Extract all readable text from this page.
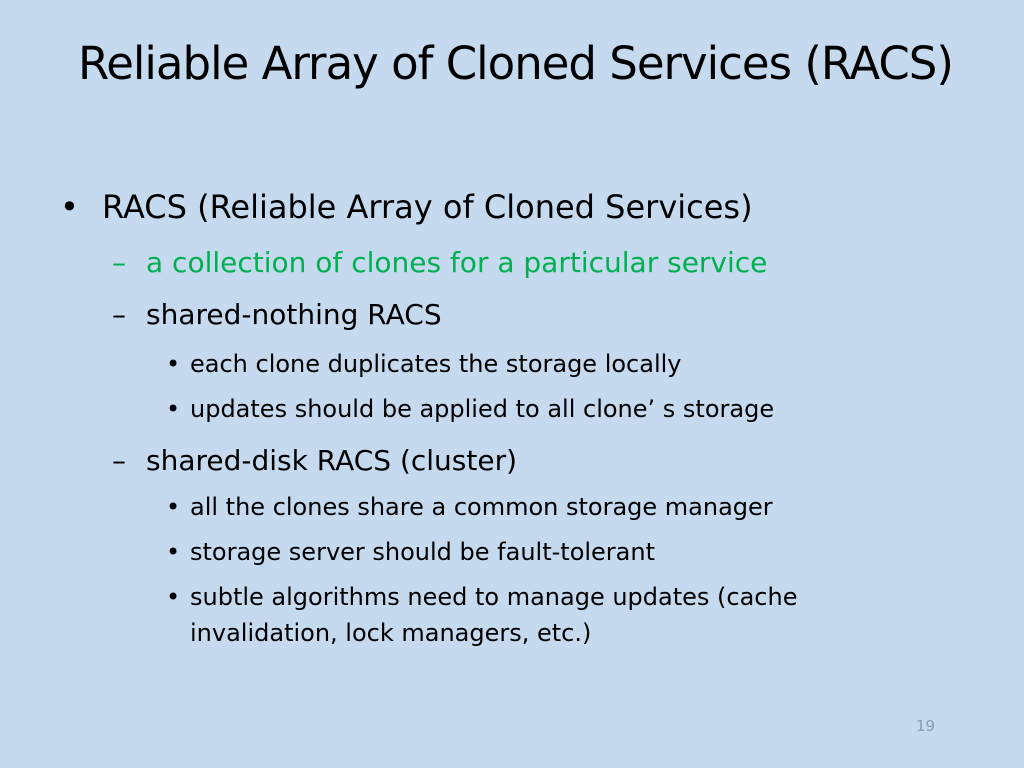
Reliable Array of Cloned Services (RACS)
• RACS (Reliable Array of Cloned Services)
– a collection of clones for a particular service
– shared-nothing RACS
• each clone duplicates the storage locally
• updates should be applied to all clone’ s storage
– shared-disk RACS (cluster)
• all the clones share a common storage manager
• storage server should be fault-tolerant
• subtle algorithms need to manage updates (cache
invalidation, lock managers, etc.)
19
